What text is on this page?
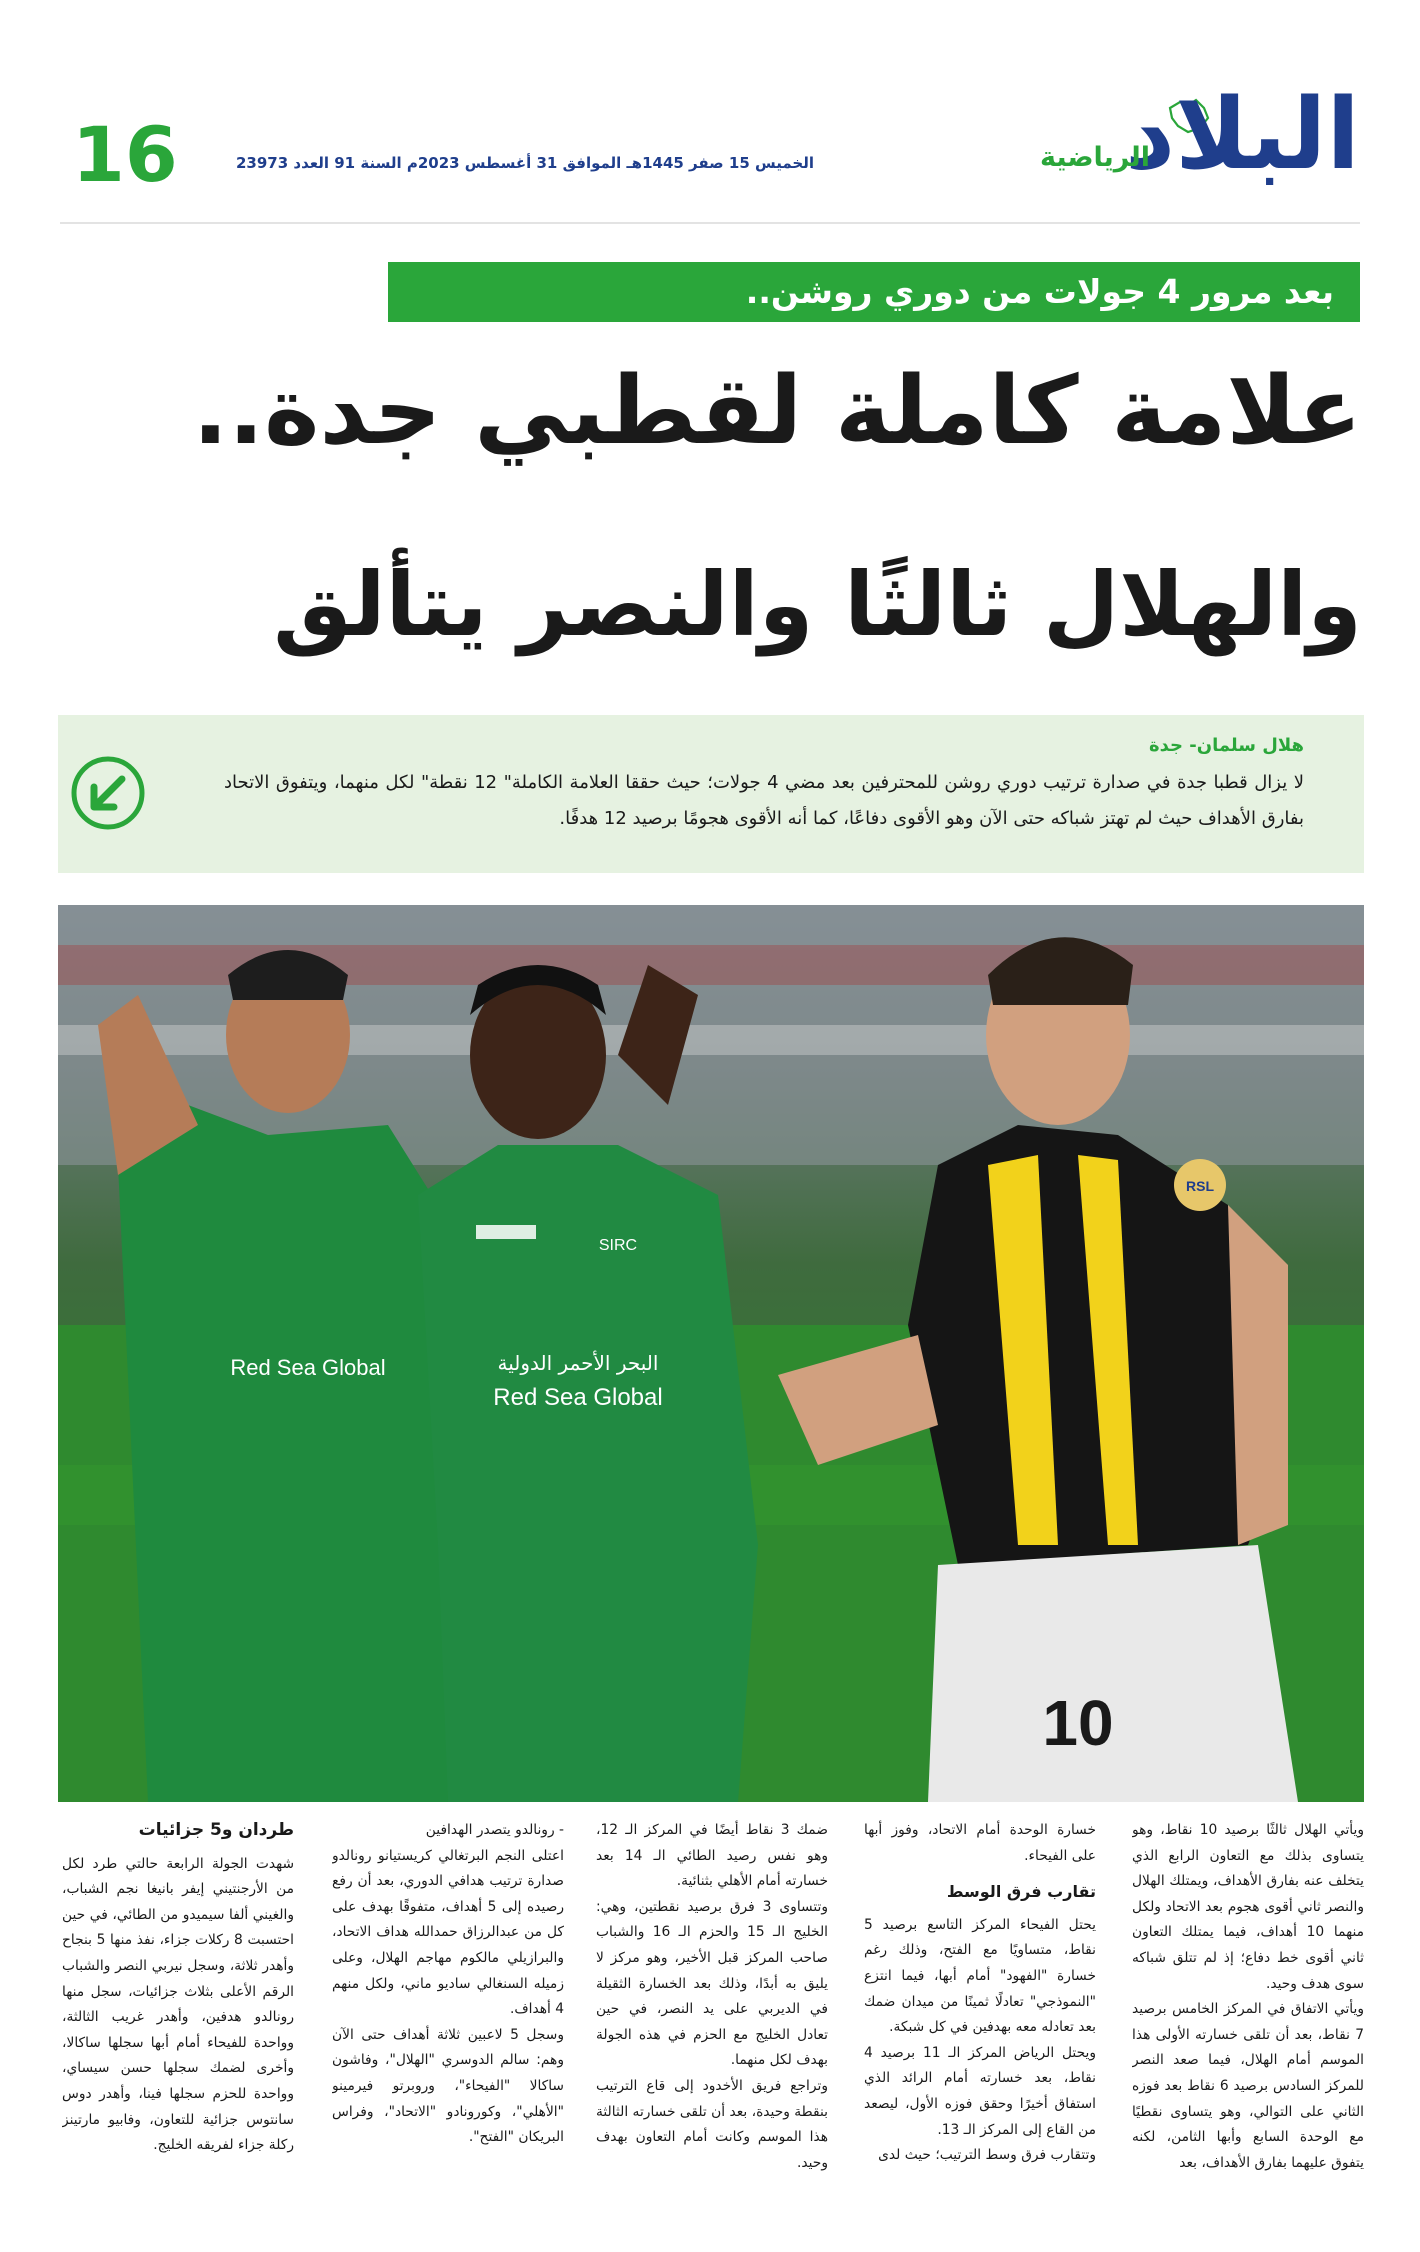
البلاد
الرياضية
الخميس 15 صفر 1445هـ الموافق 31 أغسطس 2023م السنة 91 العدد 23973
16
بعد مرور 4 جولات من دوري روشن..
علامة كاملة لقطبي جدة..
والهلال ثالثًا والنصر يتألق
هلال سلمان- جدة
لا يزال قطبا جدة في صدارة ترتيب دوري روشن للمحترفين بعد مضي 4 جولات؛ حيث حققا العلامة الكاملة" 12 نقطة" لكل منهما، ويتفوق الاتحاد بفارق الأهداف حيث لم تهتز شباكه حتى الآن وهو الأقوى دفاعًا، كما أنه الأقوى هجومًا برصيد 12 هدفًا.
Red Sea Global	البحر الأحمر الدولية
Red Sea Global
SIRC
RSL
10

ويأتي الهلال ثالثًا برصيد 10 نقاط، وهو يتساوى بذلك مع التعاون الرابع الذي يتخلف عنه بفارق الأهداف، ويمتلك الهلال والنصر ثاني أقوى هجوم بعد الاتحاد ولكل منهما 10 أهداف، فيما يمتلك التعاون ثاني أقوى خط دفاع؛ إذ لم تتلق شباكه سوى هدف وحيد.

ويأتي الاتفاق في المركز الخامس برصيد 7 نقاط، بعد أن تلقى خسارته الأولى هذا الموسم أمام الهلال، فيما صعد النصر للمركز السادس برصيد 6 نقاط بعد فوزه الثاني على التوالي، وهو يتساوى نقطيًا مع الوحدة السابع وأبها الثامن، لكنه يتفوق عليهما بفارق الأهداف، بعد

خسارة الوحدة أمام الاتحاد، وفوز أبها على الفيحاء.

تقارب فرق الوسط

يحتل الفيحاء المركز التاسع برصيد 5 نقاط، متساويًا مع الفتح، وذلك رغم خسارة "الفهود" أمام أبها، فيما انتزع "النموذجي" تعادلًا ثمينًا من ميدان ضمك بعد تعادله معه بهدفين في كل شبكة.

ويحتل الرياض المركز الـ 11 برصيد 4 نقاط، بعد خسارته أمام الرائد الذي استفاق أخيرًا وحقق فوزه الأول، ليصعد من القاع إلى المركز الـ 13.

وتتقارب فرق وسط الترتيب؛ حيث لدى

ضمك 3 نقاط أيضًا في المركز الـ 12، وهو نفس رصيد الطائي الـ 14 بعد خسارته أمام الأهلي بثنائية.

وتتساوى 3 فرق برصيد نقطتين، وهي: الخليج الـ 15 والحزم الـ 16 والشباب صاحب المركز قبل الأخير، وهو مركز لا يليق به أبدًا، وذلك بعد الخسارة الثقيلة في الديربي على يد النصر، في حين تعادل الخليج مع الحزم في هذه الجولة بهدف لكل منهما.

وتراجع فريق الأخدود إلى قاع الترتيب بنقطة وحيدة، بعد أن تلقى خسارته الثالثة هذا الموسم وكانت أمام التعاون بهدف وحيد.

- رونالدو يتصدر الهدافين

اعتلى النجم البرتغالي كريستيانو رونالدو صدارة ترتيب هدافي الدوري، بعد أن رفع رصيده إلى 5 أهداف، متفوقًا بهدف على كل من عبدالرزاق حمدالله هداف الاتحاد، والبرازيلي مالكوم مهاجم الهلال، وعلى زميله السنغالي ساديو ماني، ولكل منهم 4 أهداف.

وسجل 5 لاعبين ثلاثة أهداف حتى الآن وهم: سالم الدوسري "الهلال"، وفاشون ساكالا "الفيحاء"، وروبرتو فيرمينو "الأهلي"، وكورونادو "الاتحاد"، وفراس البريكان "الفتح".

طردان و5 جزائيات

شهدت الجولة الرابعة حالتي طرد لكل من الأرجنتيني إيفر بانيغا نجم الشباب، والغيني ألفا سيميدو من الطائي، في حين احتسبت 8 ركلات جزاء، نفذ منها 5 بنجاح وأهدر ثلاثة، وسجل نيربي النصر والشباب الرقم الأعلى بثلاث جزائيات، سجل منها رونالدو هدفين، وأهدر غريب الثالثة، وواحدة للفيحاء أمام أبها سجلها ساكالا، وأخرى لضمك سجلها حسن سيساي، وواحدة للحزم سجلها فينا، وأهدر دوس سانتوس جزائية للتعاون، وفابيو مارتينز ركلة جزاء لفريقه الخليج.
